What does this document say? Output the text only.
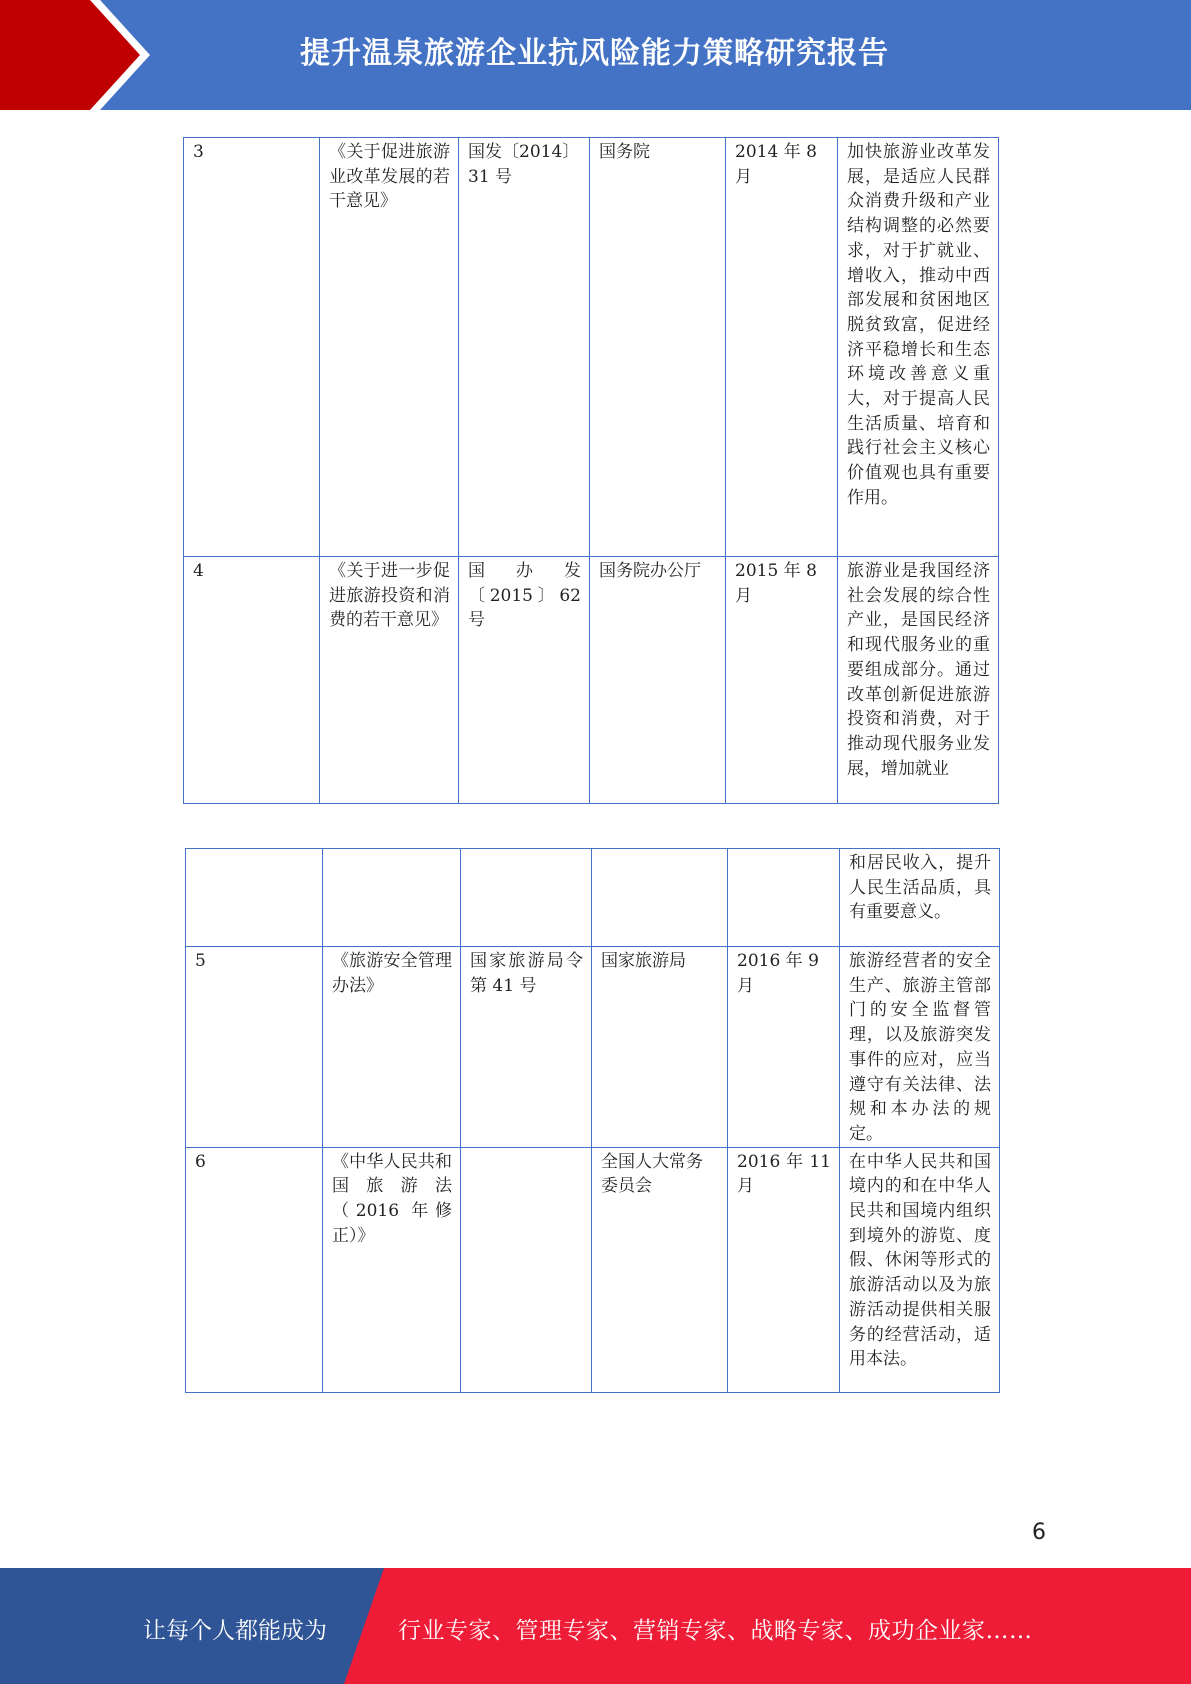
提升温泉旅游企业抗风险能力策略研究报告
3	《关于促进旅游业改革发展的若干意见》	国发〔2014〕31 号	国务院	2014 年 8 月	加快旅游业改革发展，是适应人民群众消费升级和产业结构调整的必然要求，对于扩就业、增收入，推动中西部发展和贫困地区脱贫致富，促进经济平稳增长和生态环境改善意义重大，对于提高人民生活质量、培育和践行社会主义核心价值观也具有重要作用。
4	《关于进一步促进旅游投资和消费的若干意见》	国 办 发〔2015〕62 号	国务院办公厅	2015 年 8 月	旅游业是我国经济社会发展的综合性产业，是国民经济和现代服务业的重要组成部分。通过改革创新促进旅游投资和消费，对于推动现代服务业发展，增加就业
					和居民收入，提升人民生活品质，具有重要意义。
5	《旅游安全管理办法》	国家旅游局令第 41 号	国家旅游局	2016 年 9 月	旅游经营者的安全生产、旅游主管部门的安全监督管理，以及旅游突发事件的应对，应当遵守有关法律、法规和本办法的规定。
6	《中华人民共和国旅游法（2016 年修正）》		全国人大常务委员会	2016 年 11 月	在中华人民共和国境内的和在中华人民共和国境内组织到境外的游览、度假、休闲等形式的旅游活动以及为旅游活动提供相关服务的经营活动，适用本法。
6
让每个人都能成为	行业专家、管理专家、营销专家、战略专家、成功企业家……
